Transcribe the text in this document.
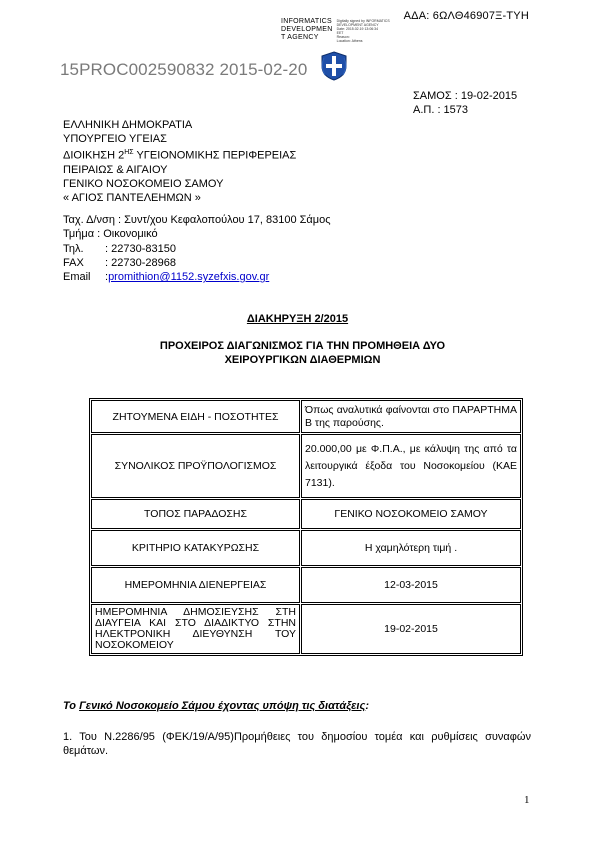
ΑΔΑ: 6ΩΛΘ46907Ξ-ΤΥΗ
INFORMATICS
DEVELOPMEN
T AGENCY
Digitally signed by INFORMATICS
DEVELOPMENT AGENCY
Date: 2015.02.19 13:06:34
EET
Reason:
Location: Athens
15PROC002590832 2015-02-20
ΣΑΜΟΣ : 19-02-2015
Α.Π. : 1573
ΕΛΛΗΝΙΚΗ ΔΗΜΟΚΡΑΤΙΑ
ΥΠΟΥΡΓΕΙΟ ΥΓΕΙΑΣ
ΔΙΟΙΚΗΣΗ $2^{H\Sigma}$ ΥΓΕΙΟΝΟΜΙΚΗΣ ΠΕΡΙΦΕΡΕΙΑΣ
ΠΕΙΡΑΙΩΣ & ΑΙΓΑΙΟΥ
ΓΕΝΙΚΟ ΝΟΣΟΚΟΜΕΙΟ ΣΑΜΟΥ
« ΑΓΙΟΣ ΠΑΝΤΕΛΕΗΜΩΝ »
Ταχ. Δ/νση : Συντ/χου Κεφαλοπούλου 17, 83100 Σάμος
Τμήμα : Οικονομικό
Τηλ.	: 22730-83150
FAX	: 22730-28968
Email	: promithion@1152.syzefxis.gov.gr
ΔΙΑΚΗΡΥΞΗ 2/2015
ΠΡΟΧΕΙΡΟΣ ΔΙΑΓΩΝΙΣΜΟΣ ΓΙΑ ΤΗΝ ΠΡΟΜΗΘΕΙΑ ΔΥΟ ΧΕΙΡΟΥΡΓΙΚΩΝ ΔΙΑΘΕΡΜΙΩΝ
ΖΗΤΟΥΜΕΝΑ ΕΙΔΗ - ΠΟΣΟΤΗΤΕΣ	Όπως αναλυτικά φαίνονται στο ΠΑΡΑΡΤΗΜΑ Β της παρούσης.
ΣΥΝΟΛΙΚΟΣ ΠΡΟΫΠΟΛΟΓΙΣΜΟΣ	20.000,00 με Φ.Π.Α., με κάλυψη της από τα λειτουργικά έξοδα του Νοσοκομείου (ΚΑΕ 7131).
ΤΟΠΟΣ ΠΑΡΑΔΟΣΗΣ	ΓΕΝΙΚΟ ΝΟΣΟΚΟΜΕΙΟ ΣΑΜΟΥ
ΚΡΙΤΗΡΙΟ ΚΑΤΑΚΥΡΩΣΗΣ	Η χαμηλότερη τιμή .
ΗΜΕΡΟΜΗΝΙΑ ΔΙΕΝΕΡΓΕΙΑΣ	12-03-2015
ΗΜΕΡΟΜΗΝΙΑ ΔΗΜΟΣΙΕΥΣΗΣ ΣΤΗ ΔΙΑΥΓΕΙΑ ΚΑΙ ΣΤΟ ΔΙΑΔΙΚΤΥΟ ΣΤΗΝ ΗΛΕΚΤΡΟΝΙΚΗ ΔΙΕΥΘΥΝΣΗ ΤΟΥ ΝΟΣΟΚΟΜΕΙΟΥ	19-02-2015
Το Γενικό Νοσοκομείο Σάμου έχοντας υπόψη τις διατάξεις:
1. Του Ν.2286/95 (ΦΕΚ/19/Α/95)Προμήθειες του δημοσίου τομέα και ρυθμίσεις συναφών θεμάτων.
1
